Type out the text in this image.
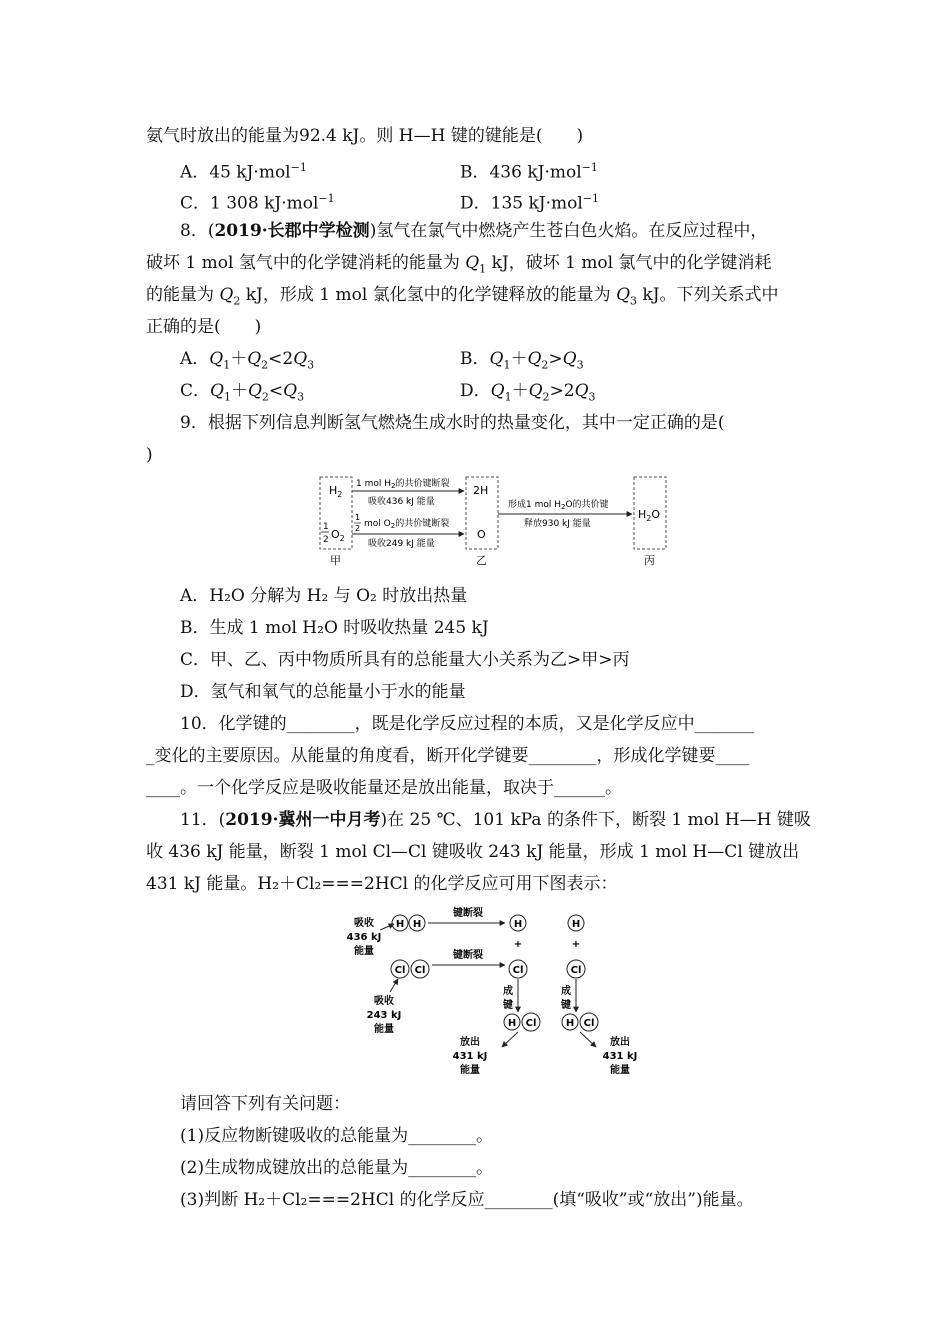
氨气时放出的能量为92.4 kJ。则 H—H 键的键能是(　　)
A．45 kJ·mol$^{-1}$	B．436 kJ·mol$^{-1}$
C．1 308 kJ·mol$^{-1}$	D．135 kJ·mol$^{-1}$
8．(2019·长郡中学检测)氢气在氯气中燃烧产生苍白色火焰。在反应过程中，
破坏 1 mol 氢气中的化学键消耗的能量为 $Q_1$ kJ，破坏 1 mol 氯气中的化学键消耗
的能量为 $Q_2$ kJ，形成 1 mol 氯化氢中的化学键释放的能量为 $Q_3$ kJ。下列关系式中
正确的是(　　)
A．$Q_1+Q_2<2Q_3$	B．$Q_1+Q_2>Q_3$
C．$Q_1+Q_2<Q_3$	D．$Q_1+Q_2>2Q_3$
9．根据下列信息判断氢气燃烧生成水时的热量变化，其中一定正确的是(
)
$H_2$
1
2 $O_2$
1 mol $H_2$的共价键断裂
吸收436 kJ 能量
1
2 mol $O_2$的共价键断裂
吸收249 kJ 能量
2H
O
形成1 mol $H_2O$的共价键
释放930 kJ 能量
$H_2O$
甲	乙	丙
A．H₂O 分解为 H₂ 与 O₂ 时放出热量
B．生成 1 mol H₂O 时吸收热量 245 kJ
C．甲、乙、丙中物质所具有的总能量大小关系为乙>甲>丙
D．氢气和氧气的总能量小于水的能量
10．化学键的________，既是化学反应过程的本质，又是化学反应中_______
_变化的主要原因。从能量的角度看，断开化学键要________，形成化学键要____
____。一个化学反应是吸收能量还是放出能量，取决于______。
11．(2019·冀州一中月考)在 25 ℃、101 kPa 的条件下，断裂 1 mol H—H 键吸
收 436 kJ 能量，断裂 1 mol Cl—Cl 键吸收 243 kJ 能量，形成 1 mol H—Cl 键放出
431 kJ 能量。H₂＋Cl₂===2HCl 的化学反应可用下图表示：
吸收
436 kJ
能量
H H
键断裂
Cl Cl
键断裂
吸收
243 kJ
能量
H
+
Cl
成
键
H Cl
放出
431 kJ
能量
H
+
Cl
成
键
H Cl
放出
431 kJ
能量
请回答下列有关问题：
(1)反应物断键吸收的总能量为________。
(2)生成物成键放出的总能量为________。
(3)判断 H₂＋Cl₂===2HCl 的化学反应________(填“吸收”或“放出”)能量。
